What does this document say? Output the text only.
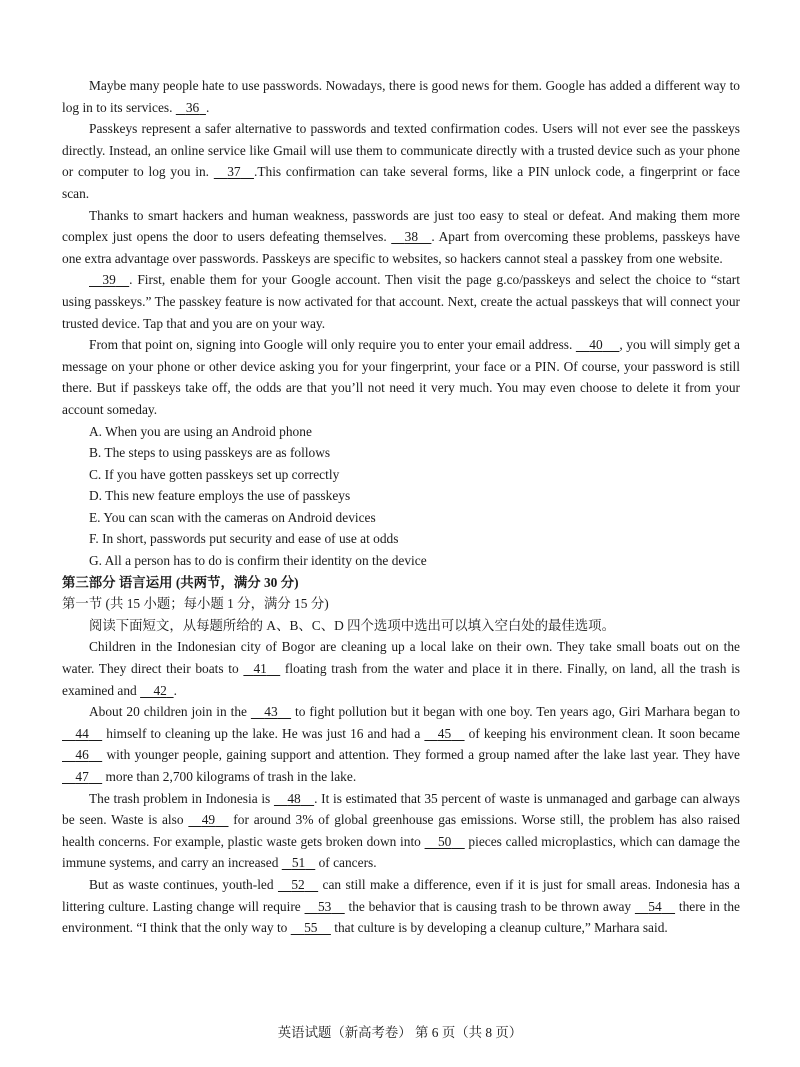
Maybe many people hate to use passwords. Nowadays, there is good news for them. Google has added a different way to log in to its services.    36 .

Passkeys represent a safer alternative to passwords and texted confirmation codes. Users will not ever see the passkeys directly. Instead, an online service like Gmail will use them to communicate directly with a trusted device such as your phone or computer to log you in.     37 .This confirmation can take several forms, like a PIN unlock code, a fingerprint or face scan.

Thanks to smart hackers and human weakness, passwords are just too easy to steal or defeat. And making them more complex just opens the door to users defeating themselves.     38 . Apart from overcoming these problems, passkeys have one extra advantage over passwords. Passkeys are specific to websites, so hackers cannot steal a passkey from one website.

39 . First, enable them for your Google account. Then visit the page g.co/passkeys and select the choice to “start using passkeys.” The passkey feature is now activated for that account. Next, create the actual passkeys that will connect your trusted device. Tap that and you are on your way.

From that point on, signing into Google will only require you to enter your email address.     40 , you will simply get a message on your phone or other device asking you for your fingerprint, your face or a PIN. Of course, your password is still there. But if passkeys take off, the odds are that you’ll not need it very much. You may even choose to delete it from your account someday.

A. When you are using an Android phone

B. The steps to using passkeys are as follows

C. If you have gotten passkeys set up correctly

D. This new feature employs the use of passkeys

E. You can scan with the cameras on Android devices

F. In short, passwords put security and ease of use at odds

G. All a person has to do is confirm their identity on the device

第三部分 语言运用 (共两节，满分 30 分)

第一节 (共 15 小题；每小题 1 分，满分 15 分)

阅读下面短文，从每题所给的 A、B、C、D 四个选项中选出可以填入空白处的最佳选项。

Children in the Indonesian city of Bogor are cleaning up a local lake on their own. They take small boats out on the water. They direct their boats to    41     floating trash from the water and place it in there. Finally, on land, all the trash is examined and     42 .

About 20 children join in the     43     to fight pollution but it began with one boy. Ten years ago, Giri Marhara began to     44     himself to cleaning up the lake. He was just 16 and had a     45     of keeping his environment clean. It soon became     46     with younger people, gaining support and attention. They formed a group named after the lake last year. They have     47     more than 2,700 kilograms of trash in the lake.

The trash problem in Indonesia is     48 . It is estimated that 35 percent of waste is unmanaged and garbage can always be seen. Waste is also     49     for around 3% of global greenhouse gas emissions. Worse still, the problem has also raised health concerns. For example, plastic waste gets broken down into     50     pieces called microplastics, which can damage the immune systems, and carry an increased    51    of cancers.

But as waste continues, youth-led     52     can still make a difference, even if it is just for small areas. Indonesia has a littering culture. Lasting change will require     53     the behavior that is causing trash to be thrown away     54     there in the environment. “I think that the only way to     55     that culture is by developing a cleanup culture,” Marhara said.

英语试题（新高考卷） 第 6 页（共 8 页）
